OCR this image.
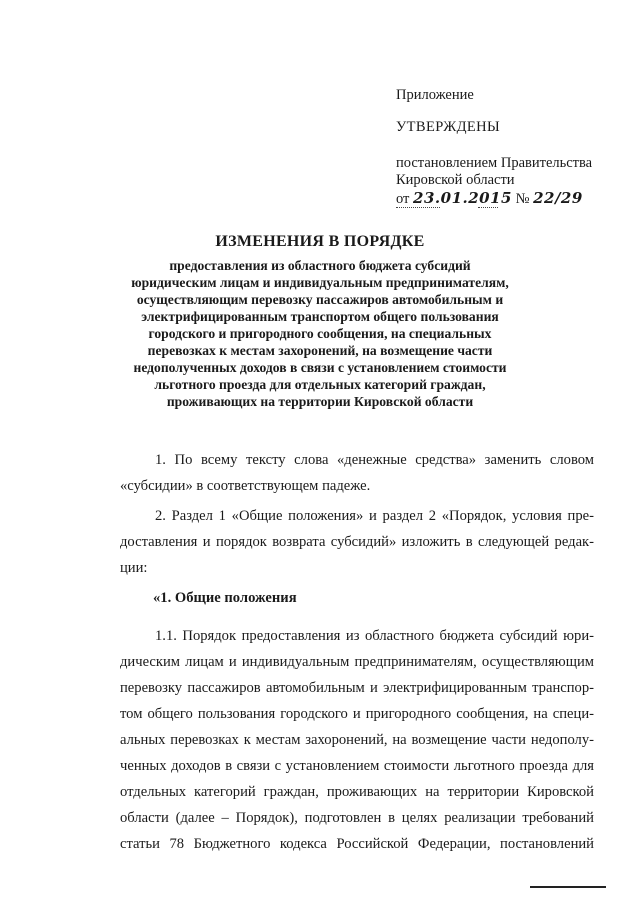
Приложение
УТВЕРЖДЕНЫ
постановлением Правительства
Кировской области
от 23.01.2015 № 22/29
ИЗМЕНЕНИЯ В ПОРЯДКЕ
предоставления из областного бюджета субсидий
юридическим лицам и индивидуальным предпринимателям,
осуществляющим перевозку пассажиров автомобильным и
электрифицированным транспортом общего пользования
городского и пригородного сообщения, на специальных
перевозках к местам захоронений, на возмещение части
недополученных доходов в связи с установлением стоимости
льготного проезда для отдельных категорий граждан,
проживающих на территории Кировской области
1. По всему тексту слова «денежные средства» заменить словом
«субсидии» в соответствующем падеже.
2. Раздел 1 «Общие положения» и раздел 2 «Порядок, условия пре-
доставления и порядок возврата субсидий» изложить в следующей редак-
ции:
«1. Общие положения
1.1. Порядок предоставления из областного бюджета субсидий юри-
дическим лицам и индивидуальным предпринимателям, осуществляющим
перевозку пассажиров автомобильным и электрифицированным транспор-
том общего пользования городского и пригородного сообщения, на специ-
альных перевозках к местам захоронений, на возмещение части недополу-
ченных доходов в связи с установлением стоимости льготного проезда для
отдельных категорий граждан, проживающих на территории Кировской
области (далее – Порядок), подготовлен в целях реализации требований
статьи 78 Бюджетного кодекса Российской Федерации, постановлений
